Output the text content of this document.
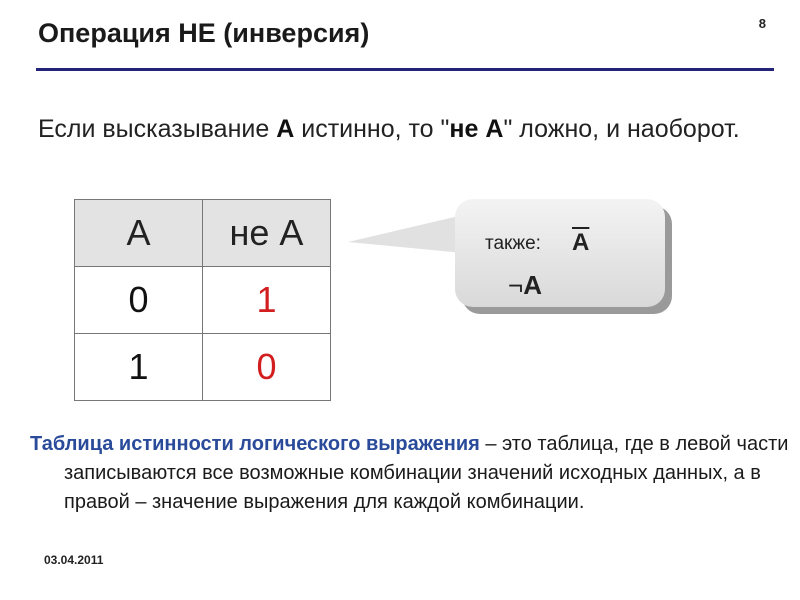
Операция НЕ (инверсия)	8
Если высказывание А истинно, то "не А" ложно, и наоборот.
А	не А
0	1
1	0
также: $\overline{A}$
¬A
Таблица истинности логического выражения – это таблица, где в левой части записываются все возможные комбинации значений исходных данных, а в правой – значение выражения для каждой комбинации.
03.04.2011
